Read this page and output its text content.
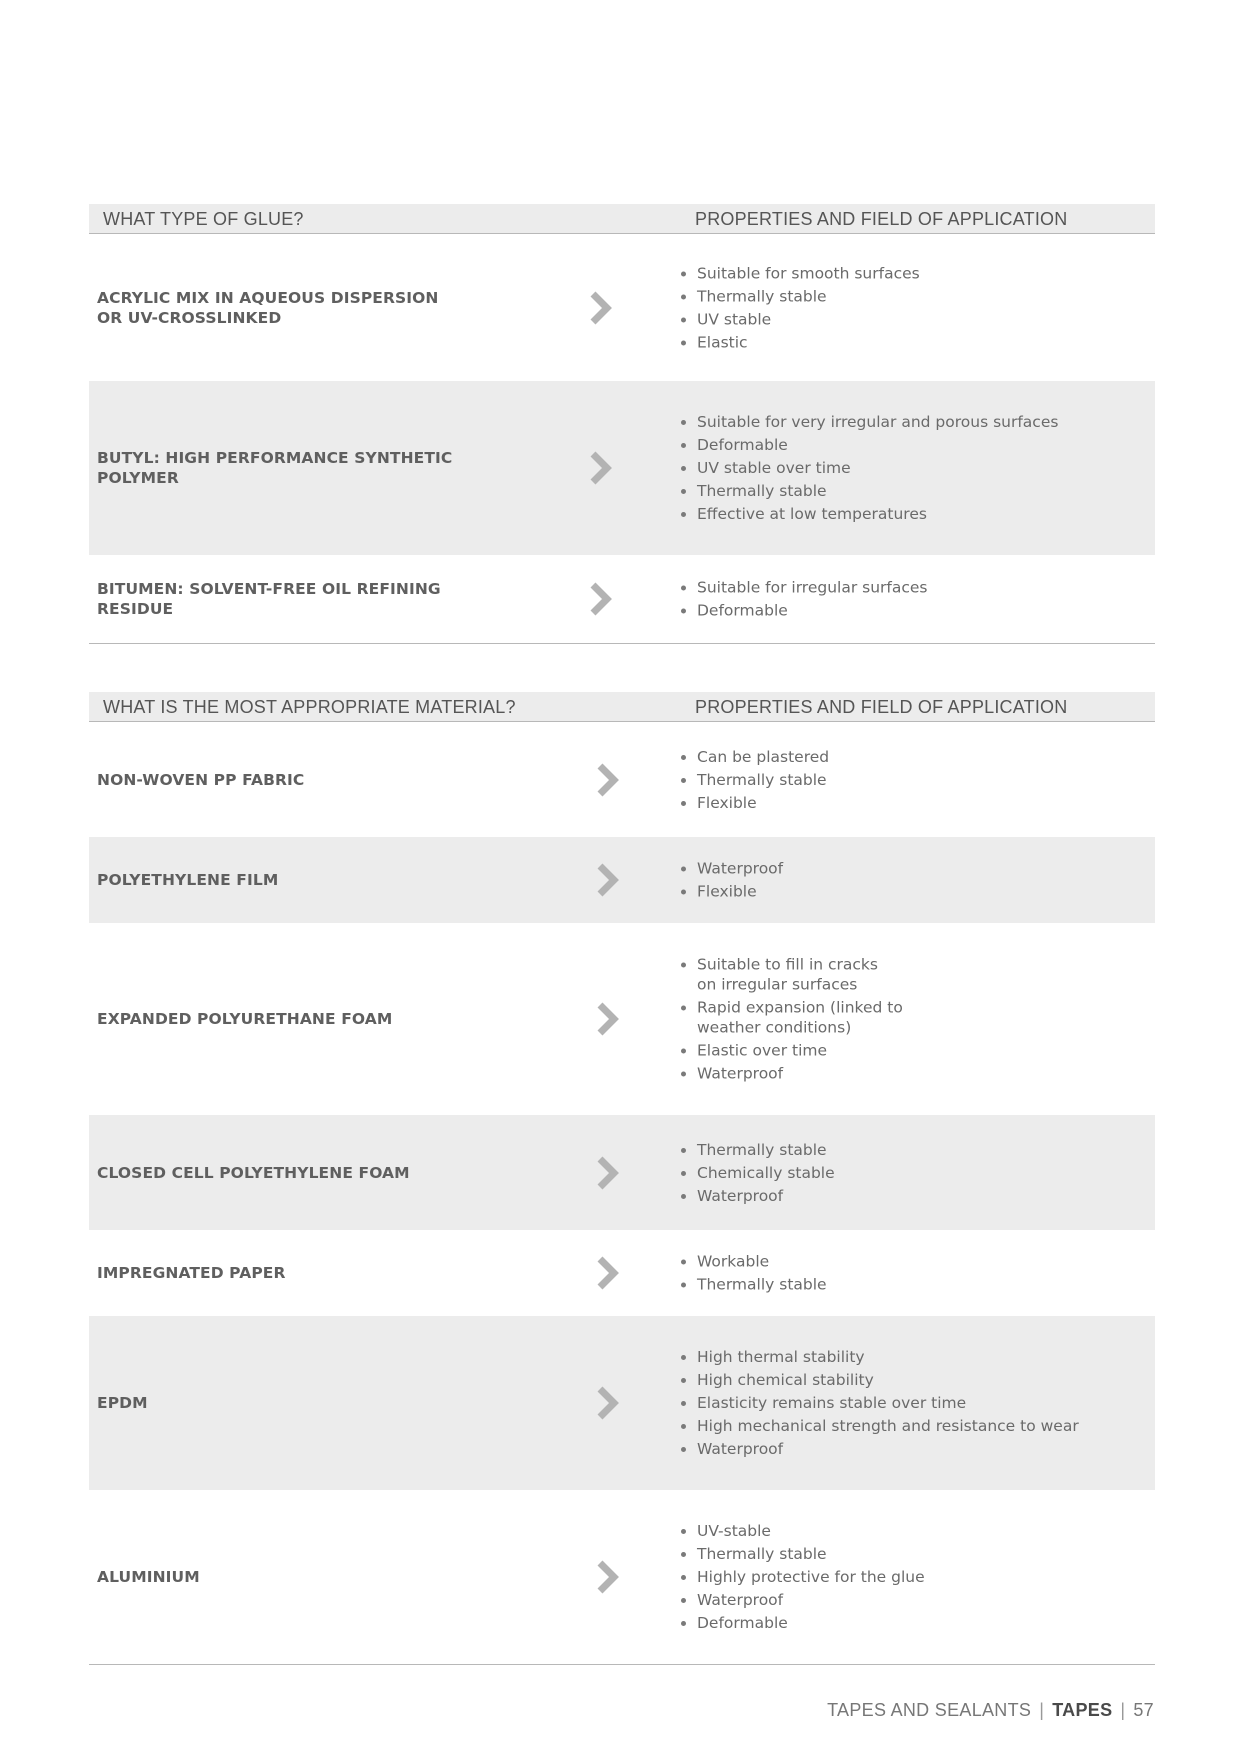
WHAT TYPE OF GLUE?	PROPERTIES AND FIELD OF APPLICATION
ACRYLIC MIX IN AQUEOUS DISPERSION
OR UV-CROSSLINKED
Suitable for smooth surfaces
Thermally stable
UV stable
Elastic
BUTYL: HIGH PERFORMANCE SYNTHETIC POLYMER
Suitable for very irregular and porous surfaces
Deformable
UV stable over time
Thermally stable
Effective at low temperatures
BITUMEN: SOLVENT-FREE OIL REFINING
RESIDUE
Suitable for irregular surfaces
Deformable
WHAT IS THE MOST APPROPRIATE MATERIAL?	PROPERTIES AND FIELD OF APPLICATION
NON-WOVEN PP FABRIC
Can be plastered
Thermally stable
Flexible
POLYETHYLENE FILM
Waterproof
Flexible
EXPANDED POLYURETHANE FOAM
Suitable to fill in cracks
on irregular surfaces
Rapid expansion (linked to
weather conditions)
Elastic over time
Waterproof
CLOSED CELL POLYETHYLENE FOAM
Thermally stable
Chemically stable
Waterproof
IMPREGNATED PAPER
Workable
Thermally stable
EPDM
High thermal stability
High chemical stability
Elasticity remains stable over time
High mechanical strength and resistance to wear
Waterproof
ALUMINIUM
UV-stable
Thermally stable
Highly protective for the glue
Waterproof
Deformable
TAPES AND SEALANTS | TAPES | 57
